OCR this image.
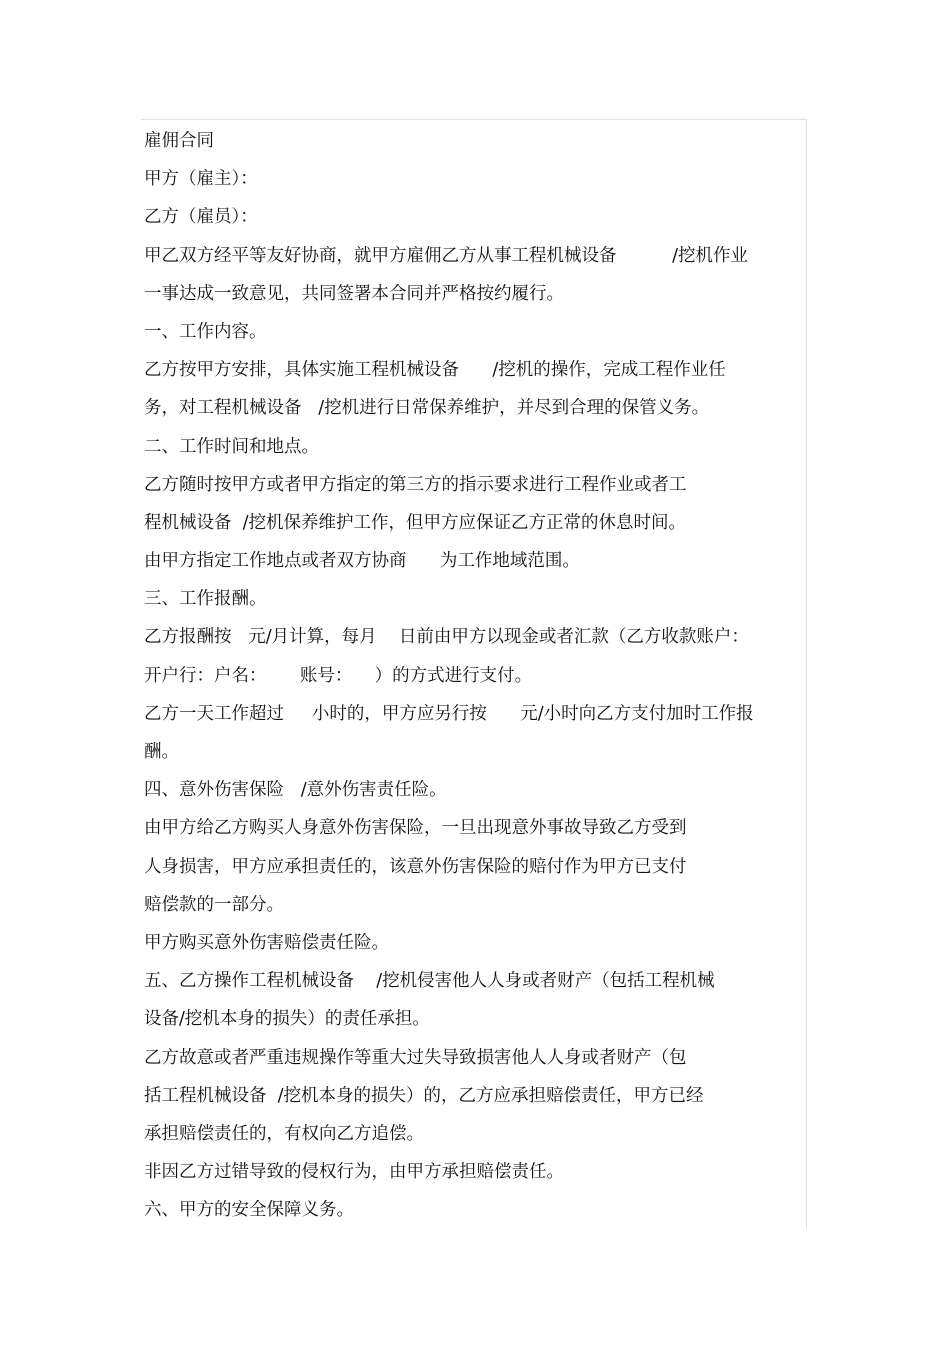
雇佣合同
甲方（雇主）：
乙方（雇员）：
甲乙双方经平等友好协商，就甲方雇佣乙方从事工程机械设备          /挖机作业
一事达成一致意见，共同签署本合同并严格按约履行。
一、工作内容。
乙方按甲方安排，具体实施工程机械设备      /挖机的操作，完成工程作业任
务，对工程机械设备   /挖机进行日常保养维护，并尽到合理的保管义务。
二、工作时间和地点。
乙方随时按甲方或者甲方指定的第三方的指示要求进行工程作业或者工
程机械设备  /挖机保养维护工作，但甲方应保证乙方正常的休息时间。
由甲方指定工作地点或者双方协商      为工作地域范围。
三、工作报酬。
乙方报酬按   元/月计算，每月    日前由甲方以现金或者汇款（乙方收款账户：
开户行：户名：      账号：    ）的方式进行支付。
乙方一天工作超过     小时的，甲方应另行按      元/小时向乙方支付加时工作报
酬。
四、意外伤害保险   /意外伤害责任险。
由甲方给乙方购买人身意外伤害保险，一旦出现意外事故导致乙方受到
人身损害，甲方应承担责任的，该意外伤害保险的赔付作为甲方已支付
赔偿款的一部分。
甲方购买意外伤害赔偿责任险。
五、乙方操作工程机械设备    /挖机侵害他人人身或者财产（包括工程机械
设备/挖机本身的损失）的责任承担。
乙方故意或者严重违规操作等重大过失导致损害他人人身或者财产（包
括工程机械设备  /挖机本身的损失）的，乙方应承担赔偿责任，甲方已经
承担赔偿责任的，有权向乙方追偿。
非因乙方过错导致的侵权行为，由甲方承担赔偿责任。
六、甲方的安全保障义务。
